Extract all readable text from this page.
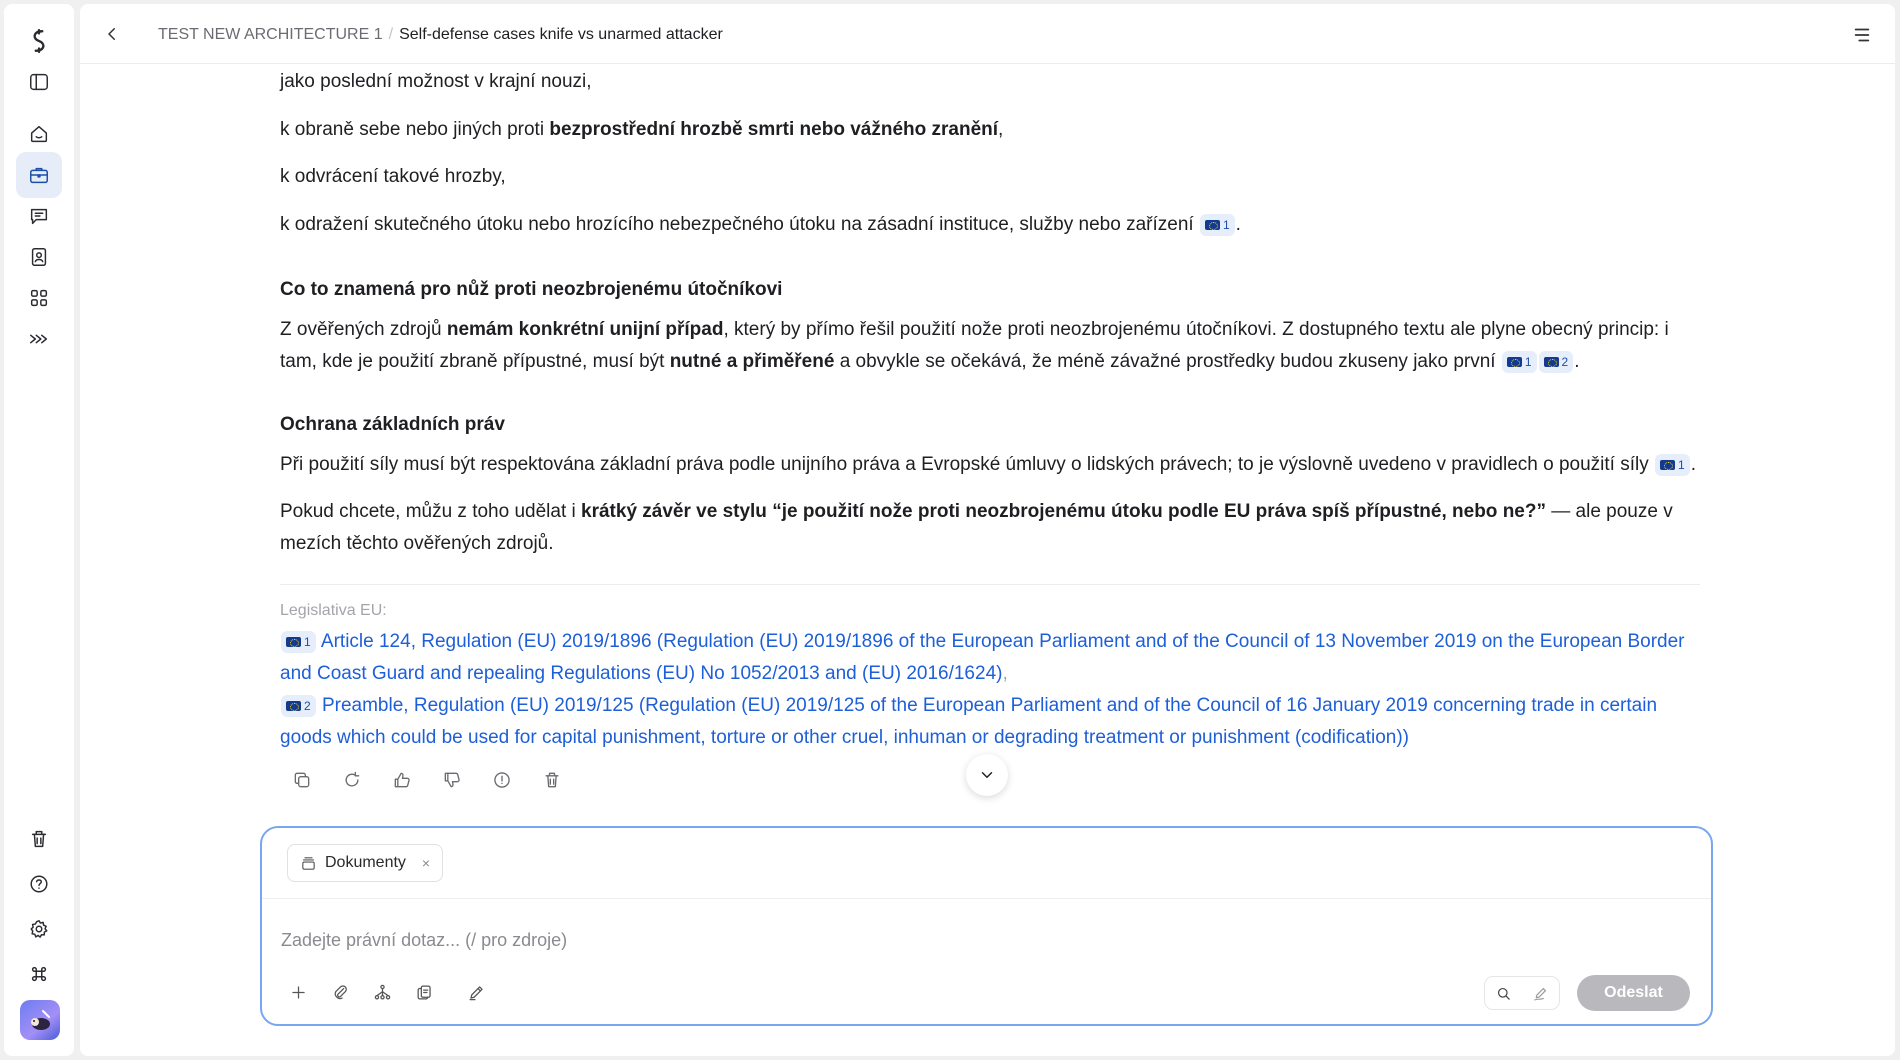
TEST NEW ARCHITECTURE 1 / Self-defense cases knife vs unarmed attacker

jako poslední možnost v krajní nouzi,

k obraně sebe nebo jiných proti bezprostřední hrozbě smrti nebo vážného zranění,

k odvrácení takové hrozby,

k odražení skutečného útoku nebo hrozícího nebezpečného útoku na zásadní instituce, služby nebo zařízení 1 .

Co to znamená pro nůž proti neozbrojenému útočníkovi

Z ověřených zdrojů nemám konkrétní unijní případ, který by přímo řešil použití nože proti neozbrojenému útočníkovi. Z dostupného textu ale plyne obecný princip: i tam, kde je použití zbraně přípustné, musí být nutné a přiměřené a obvykle se očekává, že méně závažné prostředky budou zkuseny jako první 1	2 .

Ochrana základních práv

Při použití síly musí být respektována základní práva podle unijního práva a Evropské úmluvy o lidských právech; to je výslovně uvedeno v pravidlech o použití síly 1 .

Pokud chcete, můžu z toho udělat i krátký závěr ve stylu “je použití nože proti neozbrojenému útoku podle EU práva spíš přípustné, nebo ne?” — ale pouze v mezích těchto ověřených zdrojů.

Legislativa EU:
1 Article 124, Regulation (EU) 2019/1896 (Regulation (EU) 2019/1896 of the European Parliament and of the Council of 13 November 2019 on the European Border and Coast Guard and repealing Regulations (EU) No 1052/2013 and (EU) 2016/1624),
2 Preamble, Regulation (EU) 2019/125 (Regulation (EU) 2019/125 of the European Parliament and of the Council of 16 January 2019 concerning trade in certain goods which could be used for capital punishment, torture or other cruel, inhuman or degrading treatment or punishment (codification))
Dokumenty ×
Zadejte právní dotaz... (/ pro zdroje)
Odeslat
